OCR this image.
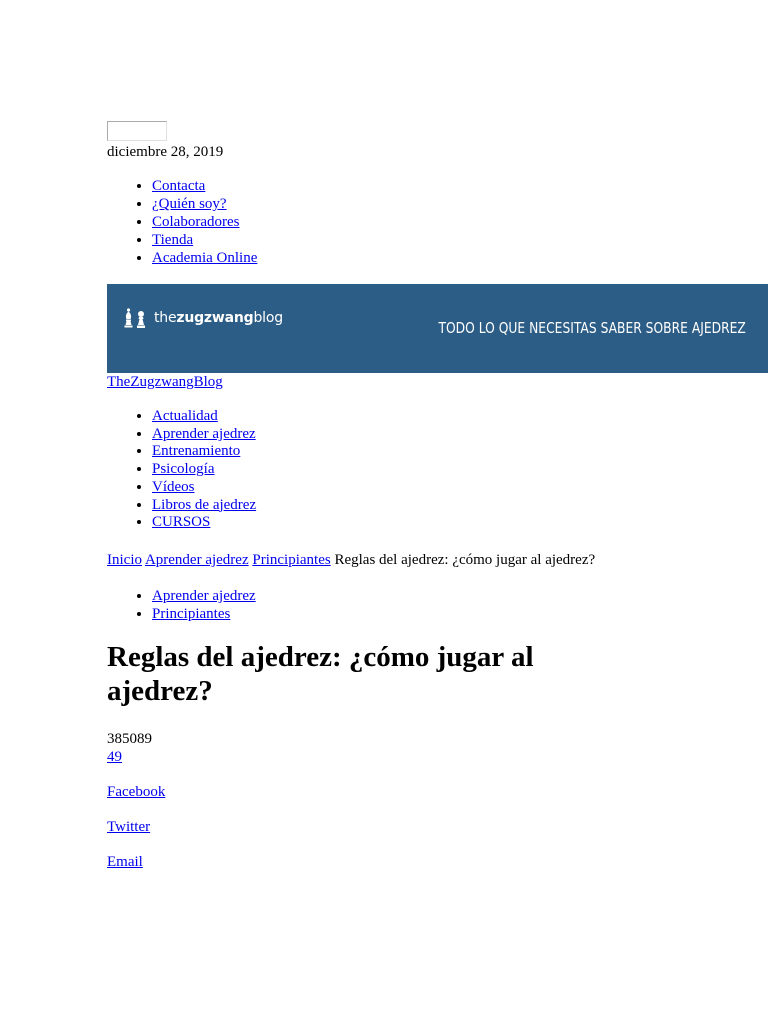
diciembre 28, 2019
• Contacta
• ¿Quién soy?
• Colaboradores
• Tienda
• Academia Online
thezugzwangblog
TODO LO QUE NECESITAS SABER SOBRE AJEDREZ
TheZugzwangBlog
• Actualidad
• Aprender ajedrez
• Entrenamiento
• Psicología
• Vídeos
• Libros de ajedrez
• CURSOS
Inicio Aprender ajedrez Principiantes Reglas del ajedrez: ¿cómo jugar al ajedrez?
• Aprender ajedrez
• Principiantes
Reglas del ajedrez: ¿cómo jugar al ajedrez?
385089
49

Facebook

Twitter

Email
